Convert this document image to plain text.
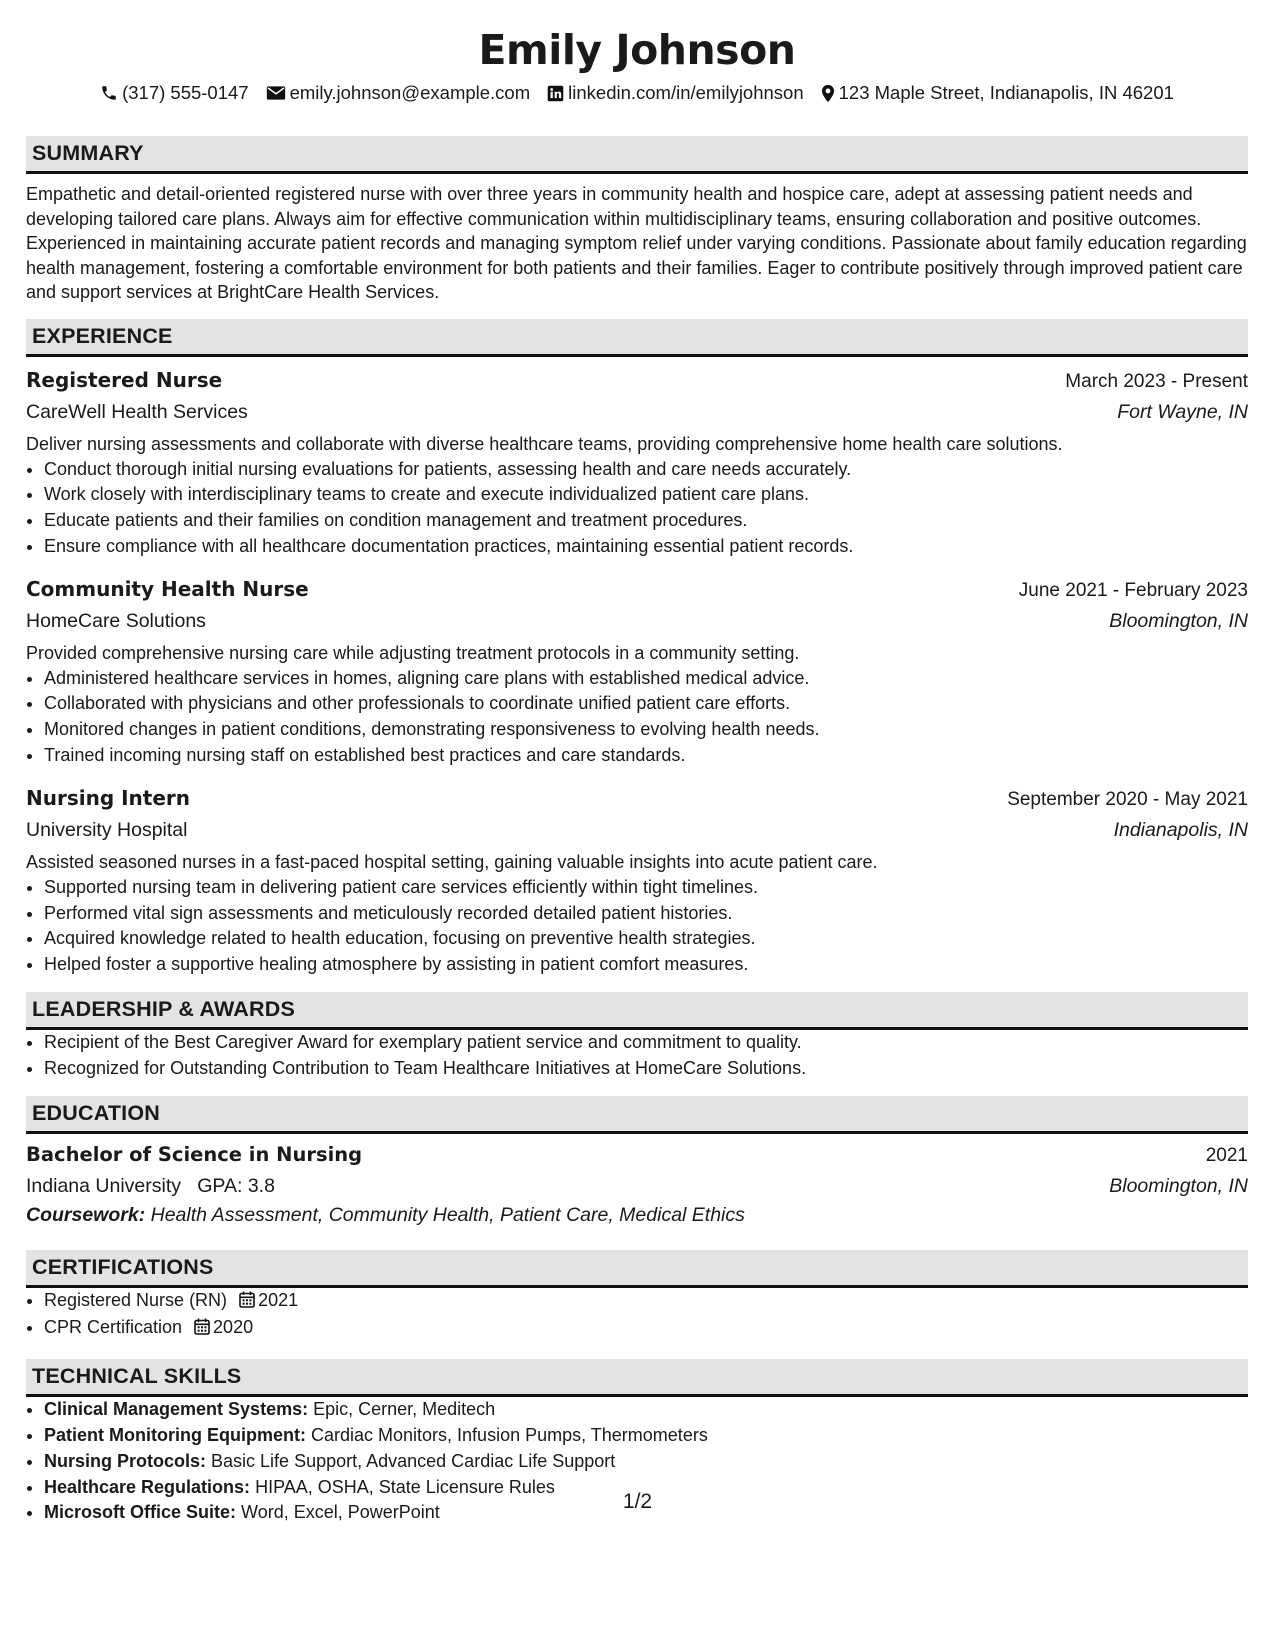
Emily Johnson
(317) 555-0147 emily.johnson@example.com linkedin.com/in/emilyjohnson 123 Maple Street, Indianapolis, IN 46201
SUMMARY

Empathetic and detail-oriented registered nurse with over three years in community health and hospice care, adept at assessing patient needs and developing tailored care plans. Always aim for effective communication within multidisciplinary teams, ensuring collaboration and positive outcomes. Experienced in maintaining accurate patient records and managing symptom relief under varying conditions. Passionate about family education regarding health management, fostering a comfortable environment for both patients and their families. Eager to contribute positively through improved patient care and support services at BrightCare Health Services.

EXPERIENCE
Registered Nurse	March 2023 - Present
CareWell Health Services	Fort Wayne, IN
Deliver nursing assessments and collaborate with diverse healthcare teams, providing comprehensive home health care solutions.
• Conduct thorough initial nursing evaluations for patients, assessing health and care needs accurately.
• Work closely with interdisciplinary teams to create and execute individualized patient care plans.
• Educate patients and their families on condition management and treatment procedures.
• Ensure compliance with all healthcare documentation practices, maintaining essential patient records.
Community Health Nurse	June 2021 - February 2023
HomeCare Solutions	Bloomington, IN
Provided comprehensive nursing care while adjusting treatment protocols in a community setting.
• Administered healthcare services in homes, aligning care plans with established medical advice.
• Collaborated with physicians and other professionals to coordinate unified patient care efforts.
• Monitored changes in patient conditions, demonstrating responsiveness to evolving health needs.
• Trained incoming nursing staff on established best practices and care standards.
Nursing Intern	September 2020 - May 2021
University Hospital	Indianapolis, IN
Assisted seasoned nurses in a fast-paced hospital setting, gaining valuable insights into acute patient care.
• Supported nursing team in delivering patient care services efficiently within tight timelines.
• Performed vital sign assessments and meticulously recorded detailed patient histories.
• Acquired knowledge related to health education, focusing on preventive health strategies.
• Helped foster a supportive healing atmosphere by assisting in patient comfort measures.
LEADERSHIP & AWARDS
• Recipient of the Best Caregiver Award for exemplary patient service and commitment to quality.
• Recognized for Outstanding Contribution to Team Healthcare Initiatives at HomeCare Solutions.
EDUCATION
Bachelor of Science in Nursing	2021
Indiana University GPA: 3.8	Bloomington, IN
Coursework: Health Assessment, Community Health, Patient Care, Medical Ethics
CERTIFICATIONS
• Registered Nurse (RN) 2021
• CPR Certification 2020
TECHNICAL SKILLS
• Clinical Management Systems: Epic, Cerner, Meditech
• Patient Monitoring Equipment: Cardiac Monitors, Infusion Pumps, Thermometers
• Nursing Protocols: Basic Life Support, Advanced Cardiac Life Support
• Healthcare Regulations: HIPAA, OSHA, State Licensure Rules
• Microsoft Office Suite: Word, Excel, PowerPoint	1/2
